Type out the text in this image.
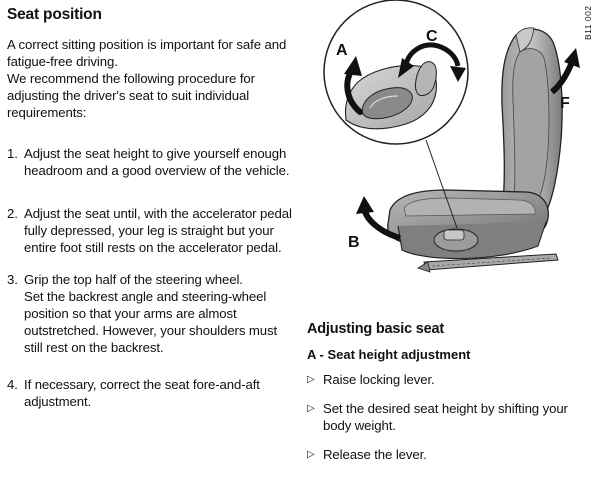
Seat position

A correct sitting position is important for safe and fatigue-free driving.

We recommend the following procedure for adjusting the driver's seat to suit individual requirements:

1. Adjust the seat height to give yourself enough headroom and a good overview of the vehicle.

2. Adjust the seat until, with the accelerator pedal fully depressed, your leg is straight but your entire foot still rests on the accelerator pedal.

3. Grip the top half of the steering wheel.

Set the backrest angle and steering-wheel position so that your arms are almost outstretched. However, your shoulders must still rest on the backrest.

4. If necessary, correct the seat fore-and-aft adjustment.

A
C
B
F
B11 002
Adjusting basic seat
A - Seat height adjustment
▷ Raise locking lever.
▷ Set the desired seat height by shifting your body weight.
▷ Release the lever.
